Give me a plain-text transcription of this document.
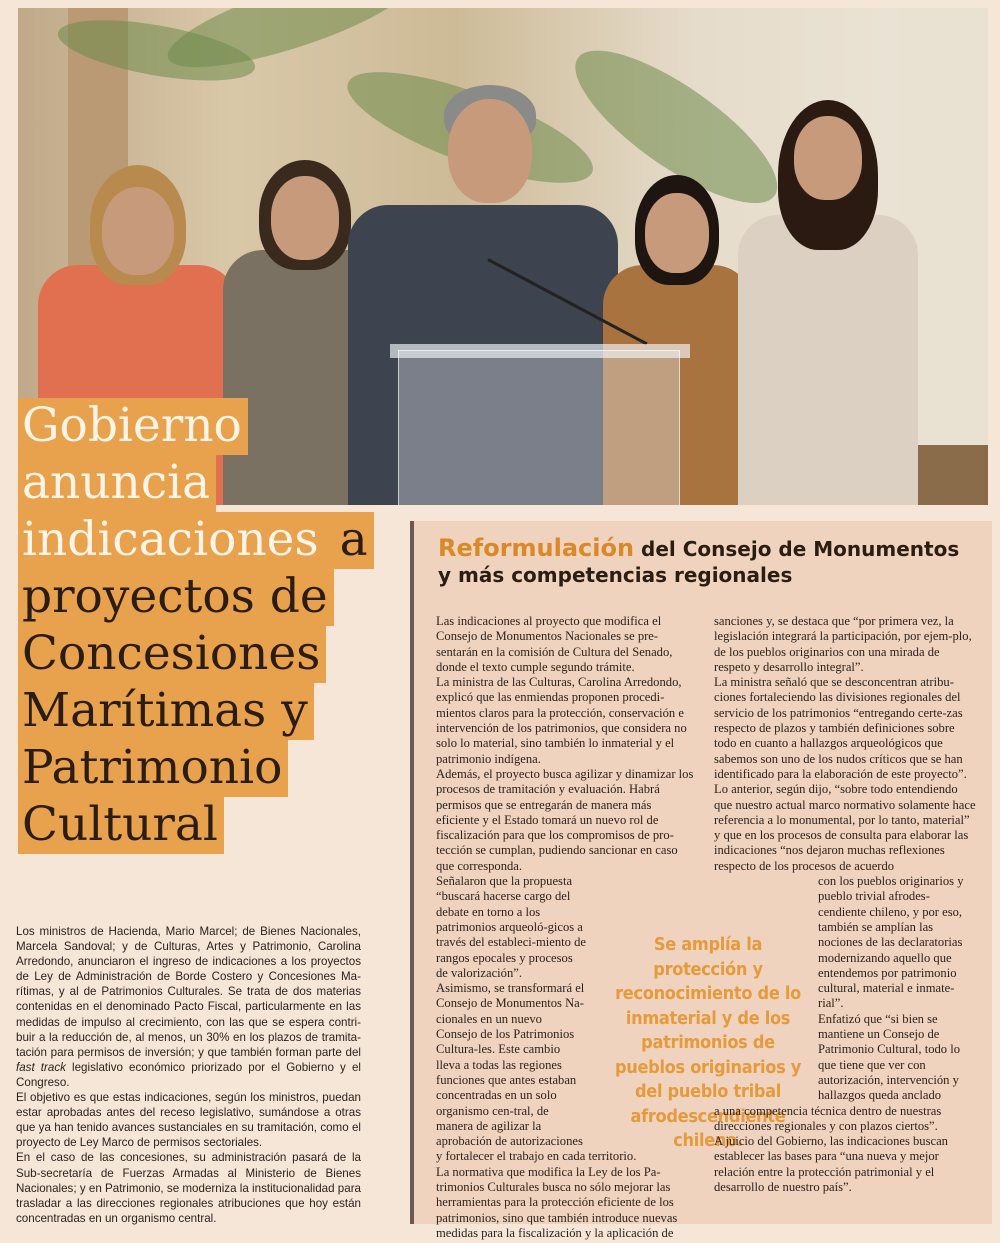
Gobierno
anuncia
indicaciones a
proyectos de
Concesiones
Marítimas y
Patrimonio
Cultural

Los ministros de Hacienda, Mario Marcel; de Bienes Nacionales, Marcela Sandoval; y de Culturas, Artes y Patrimonio, Carolina Arredondo, anunciaron el ingreso de indicaciones a los proyectos de Ley de Administración de Borde Costero y Concesiones Ma-rítimas, y al de Patrimonios Culturales. Se trata de dos materias contenidas en el denominado Pacto Fiscal, particularmente en las medidas de impulso al crecimiento, con las que se espera contri-buir a la reducción de, al menos, un 30% en los plazos de tramita-tación para permisos de inversión; y que también forman parte del fast track legislativo económico priorizado por el Gobierno y el Congreso.

El objetivo es que estas indicaciones, según los ministros, puedan estar aprobadas antes del receso legislativo, sumándose a otras que ya han tenido avances sustanciales en su tramitación, como el proyecto de Ley Marco de permisos sectoriales.

En el caso de las concesiones, su administración pasará de la Sub-secretaría de Fuerzas Armadas al Ministerio de Bienes Nacionales; y en Patrimonio, se moderniza la institucionalidad para trasladar a las direcciones regionales atribuciones que hoy están concentradas en un organismo central.

Reformulación del Consejo de Monumentos
y más competencias regionales

Las indicaciones al proyecto que modifica el Consejo de Monumentos Nacionales se pre-sentarán en la comisión de Cultura del Senado, donde el texto cumple segundo trámite.

La ministra de las Culturas, Carolina Arredondo, explicó que las enmiendas proponen procedi-mientos claros para la protección, conservación e intervención de los patrimonios, que considera no solo lo material, sino también lo inmaterial y el patrimonio indígena.

Además, el proyecto busca agilizar y dinamizar los procesos de tramitación y evaluación. Habrá permisos que se entregarán de manera más eficiente y el Estado tomará un nuevo rol de fiscalización para que los compromisos de pro-tección se cumplan, pudiendo sancionar en caso que corresponda.

Señalaron que la propuesta “buscará hacerse cargo del debate en torno a los patrimonios arqueoló-gicos a través del estableci-miento de rangos epocales y procesos de valorización”.

Asimismo, se transformará el Consejo de Monumentos Na-cionales en un nuevo Consejo de los Patrimonios Cultura-les. Este cambio lleva a todas las regiones funciones que antes estaban concentradas en un solo organismo cen-tral, de manera de agilizar la aprobación de autorizaciones

y fortalecer el trabajo en cada territorio.

La normativa que modifica la Ley de los Pa-trimonios Culturales busca no sólo mejorar las herramientas para la protección eficiente de los patrimonios, sino que también introduce nuevas medidas para la fiscalización y la aplicación de

Se amplía la protección y reconocimiento de lo inmaterial y de los patrimonios de pueblos originarios y del pueblo tribal afrodescendiente chileno.

sanciones y, se destaca que “por primera vez, la legislación integrará la participación, por ejem-plo, de los pueblos originarios con una mirada de respeto y desarrollo integral”.

La ministra señaló que se desconcentran atribu-ciones fortaleciendo las divisiones regionales del servicio de los patrimonios “entregando certe-zas respecto de plazos y también definiciones sobre todo en cuanto a hallazgos arqueológicos que sabemos son uno de los nudos críticos que se han identificado para la elaboración de este proyecto”.

Lo anterior, según dijo, “sobre todo entendiendo que nuestro actual marco normativo solamente hace referencia a lo monumental, por lo tanto, material” y que en los procesos de consulta para elaborar las indicaciones “nos dejaron muchas reflexiones respecto de los procesos de acuerdo

con los pueblos originarios y pueblo trivial afrodes-cendiente chileno, y por eso, también se amplían las nociones de las declaratorias modernizando aquello que entendemos por patrimonio cultural, material e inmate-rial”.

Enfatizó que “si bien se mantiene un Consejo de Patrimonio Cultural, todo lo que tiene que ver con autorización, intervención y hallazgos queda anclado

a una competencia técnica dentro de nuestras direcciones regionales y con plazos ciertos”.

A juicio del Gobierno, las indicaciones buscan establecer las bases para “una nueva y mejor relación entre la protección patrimonial y el desarrollo de nuestro país”.
